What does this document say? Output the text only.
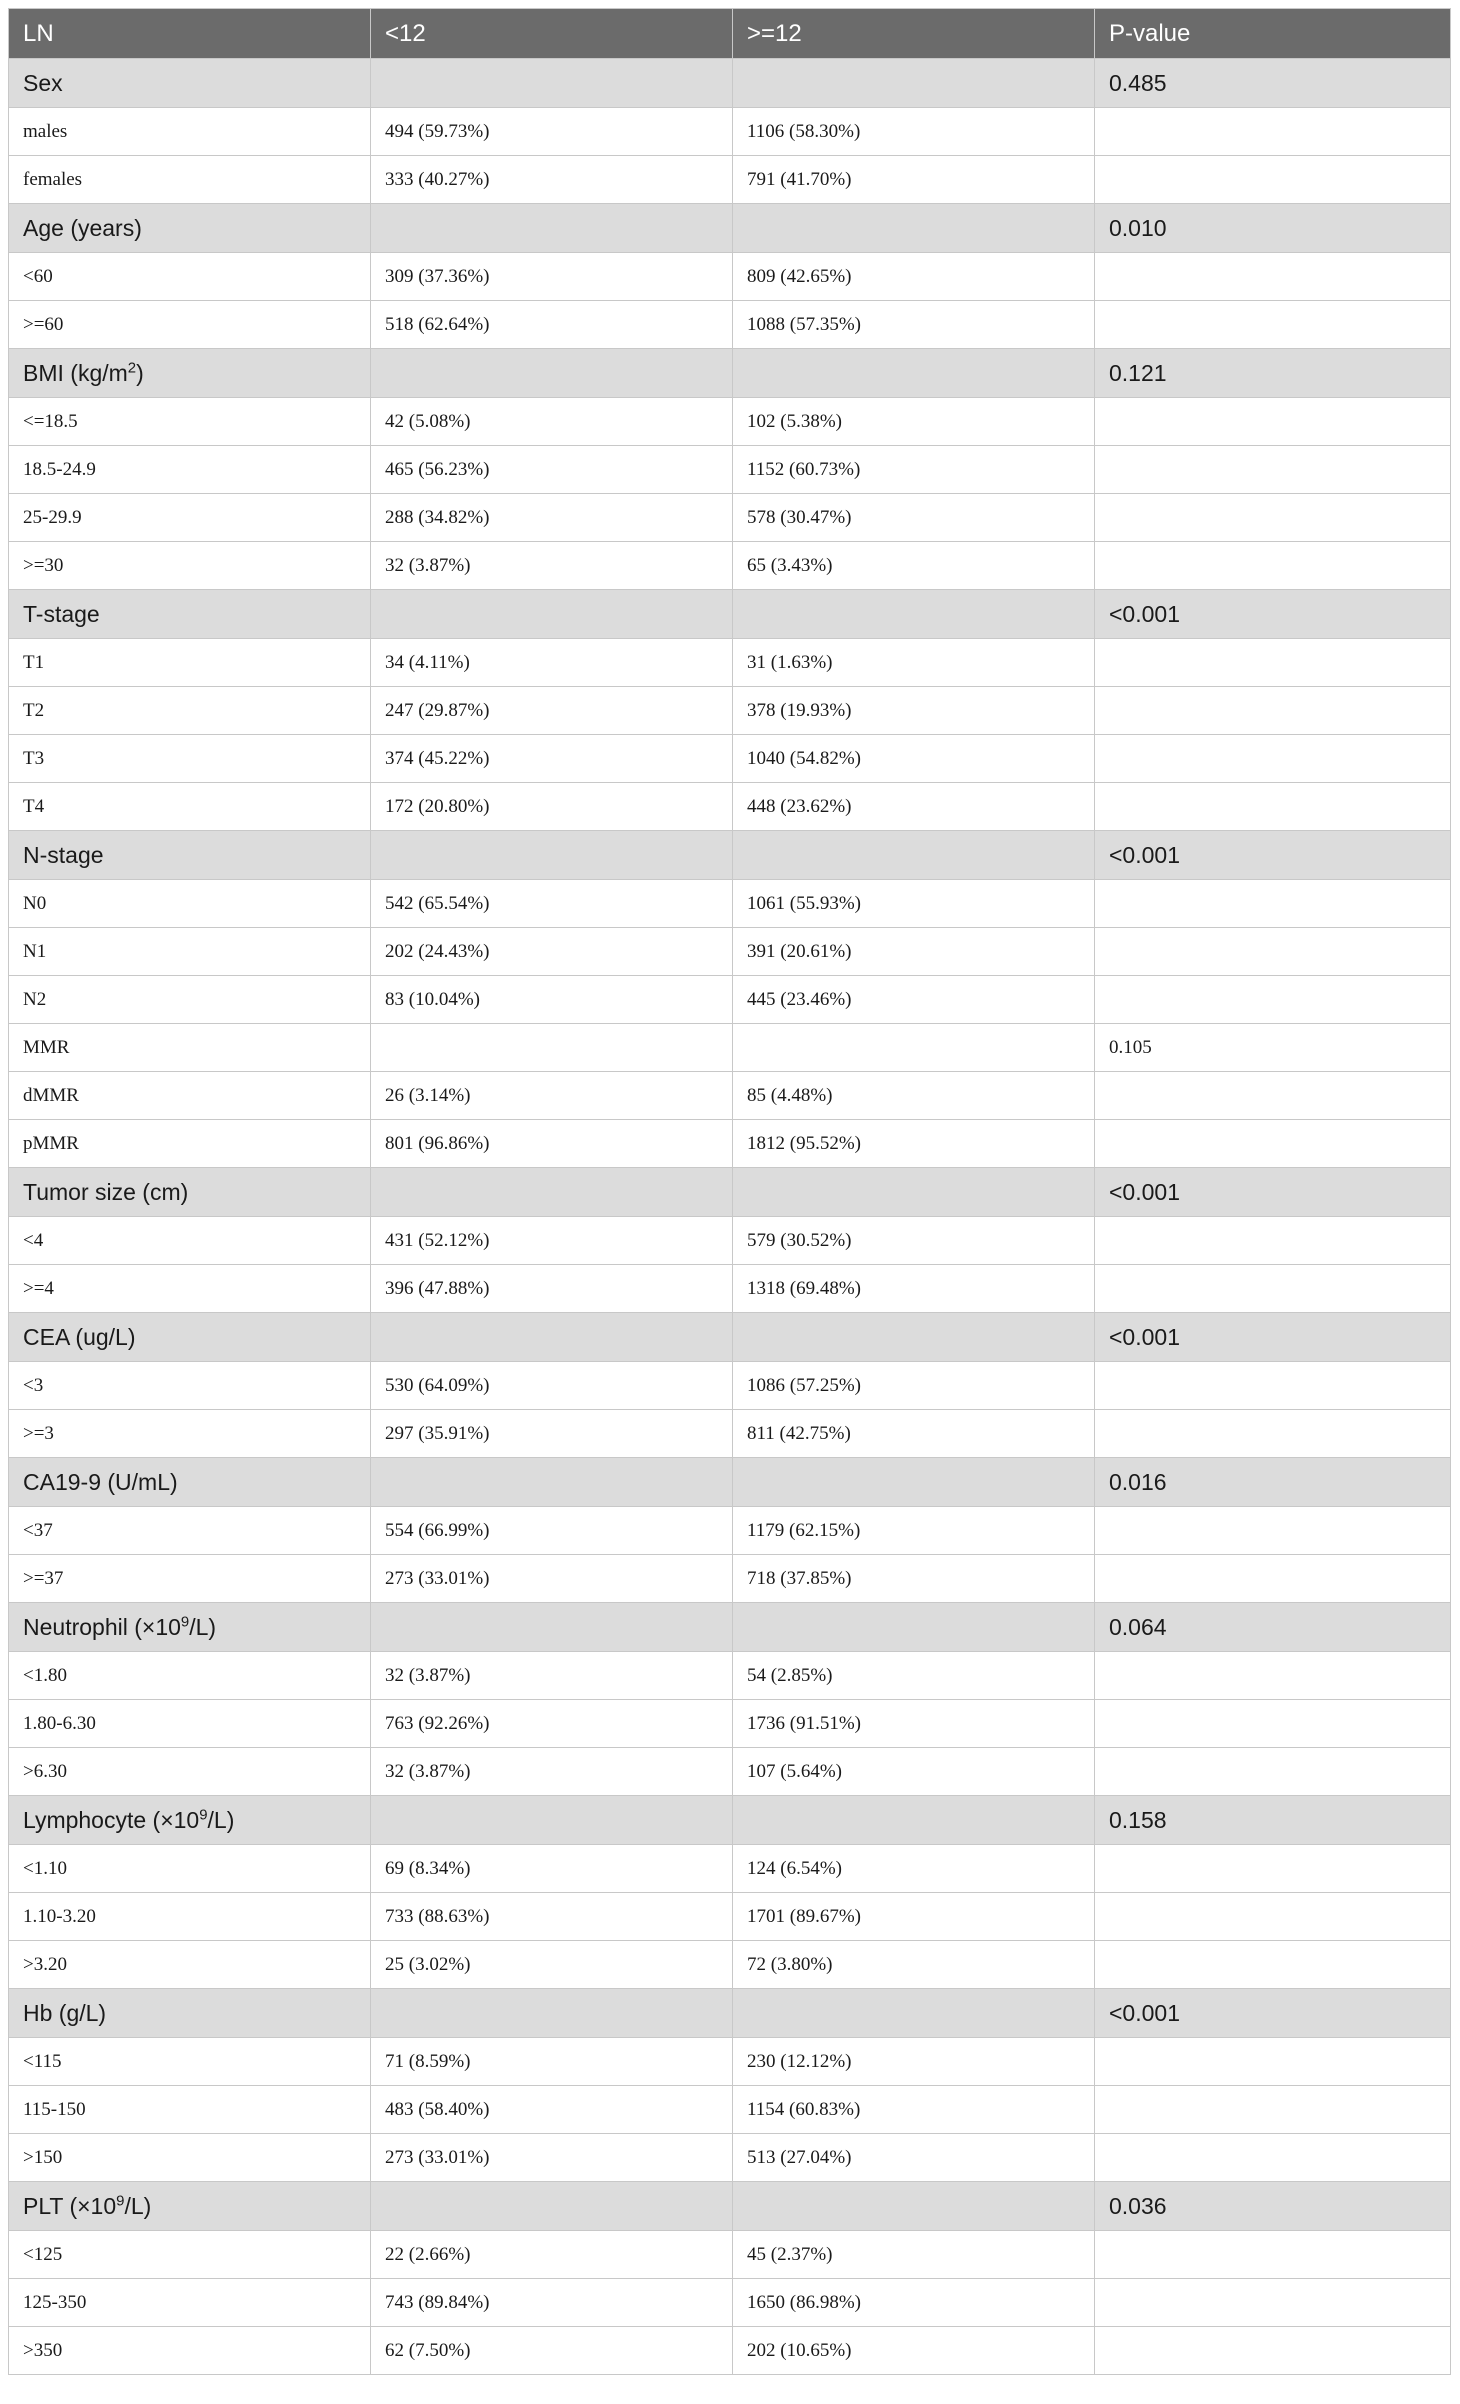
LN	<12	>=12	P-value
Sex			0.485
males	494 (59.73%)	1106 (58.30%)	
females	333 (40.27%)	791 (41.70%)	
Age (years)			0.010
<60	309 (37.36%)	809 (42.65%)	
>=60	518 (62.64%)	1088 (57.35%)	
BMI $(kg/m^2)$			0.121
<=18.5	42 (5.08%)	102 (5.38%)	
18.5-24.9	465 (56.23%)	1152 (60.73%)	
25-29.9	288 (34.82%)	578 (30.47%)	
>=30	32 (3.87%)	65 (3.43%)	
T-stage			<0.001
T1	34 (4.11%)	31 (1.63%)	
T2	247 (29.87%)	378 (19.93%)	
T3	374 (45.22%)	1040 (54.82%)	
T4	172 (20.80%)	448 (23.62%)	
N-stage			<0.001
N0	542 (65.54%)	1061 (55.93%)	
N1	202 (24.43%)	391 (20.61%)	
N2	83 (10.04%)	445 (23.46%)	
MMR			0.105
dMMR	26 (3.14%)	85 (4.48%)	
pMMR	801 (96.86%)	1812 (95.52%)	
Tumor size (cm)			<0.001
<4	431 (52.12%)	579 (30.52%)	
>=4	396 (47.88%)	1318 (69.48%)	
CEA (ug/L)			<0.001
<3	530 (64.09%)	1086 (57.25%)	
>=3	297 (35.91%)	811 (42.75%)	
CA19-9 (U/mL)			0.016
<37	554 (66.99%)	1179 (62.15%)	
>=37	273 (33.01%)	718 (37.85%)	
Neutrophil $(\times 10^9/L)$			0.064
<1.80	32 (3.87%)	54 (2.85%)	
1.80-6.30	763 (92.26%)	1736 (91.51%)	
>6.30	32 (3.87%)	107 (5.64%)	
Lymphocyte $(\times 10^9/L)$			0.158
<1.10	69 (8.34%)	124 (6.54%)	
1.10-3.20	733 (88.63%)	1701 (89.67%)	
>3.20	25 (3.02%)	72 (3.80%)	
Hb (g/L)			<0.001
<115	71 (8.59%)	230 (12.12%)	
115-150	483 (58.40%)	1154 (60.83%)	
>150	273 (33.01%)	513 (27.04%)	
PLT $(\times 10^9/L)$			0.036
<125	22 (2.66%)	45 (2.37%)	
125-350	743 (89.84%)	1650 (86.98%)	
>350	62 (7.50%)	202 (10.65%)	
